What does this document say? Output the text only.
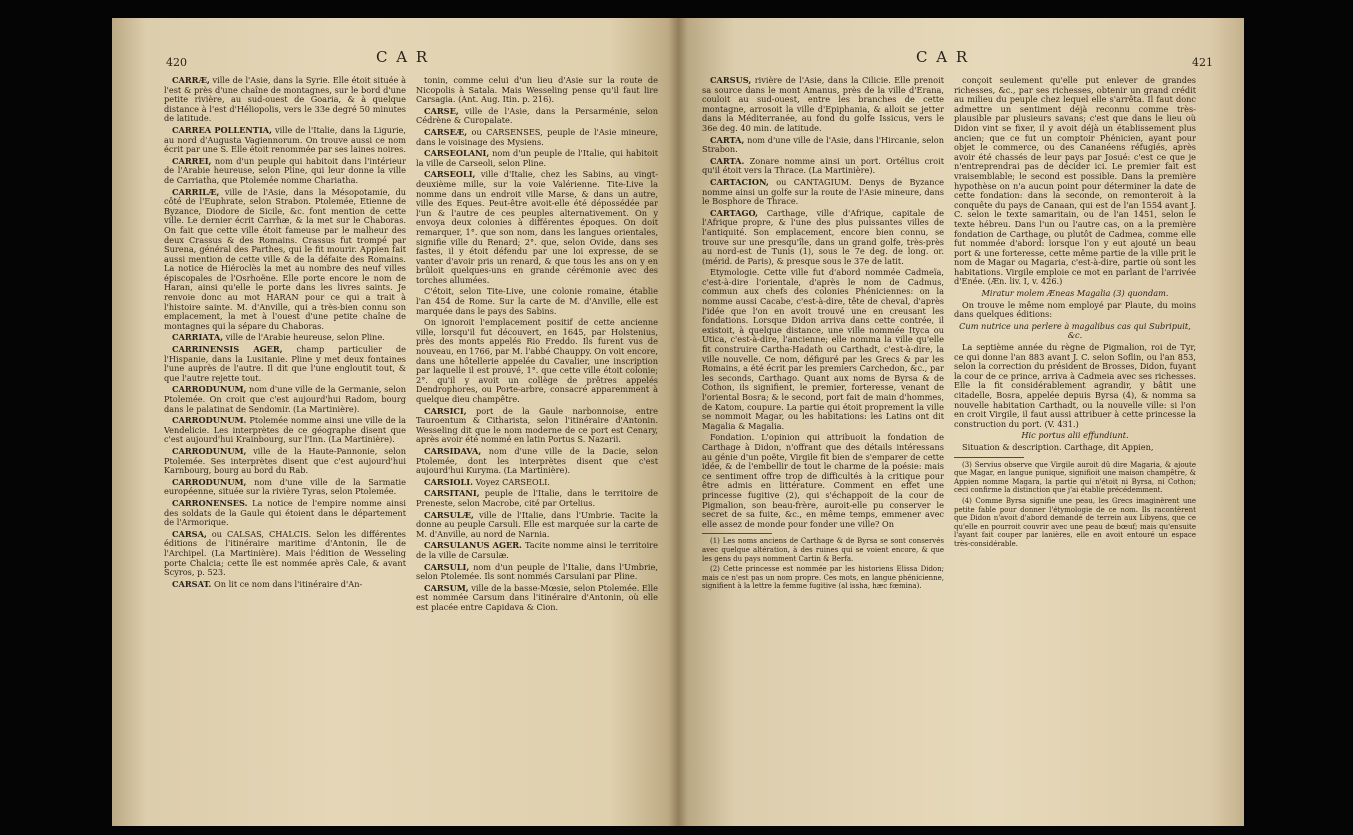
420	C A R

CARRÆ, ville de l'Asie, dans la Syrie. Elle étoit située à l'est & près d'une chaîne de montagnes, sur le bord d'une petite rivière, au sud-ouest de Goaria, & à quelque distance à l'est d'Héliopolis, vers le 33e degré 50 minutes de latitude.

CARREA POLLENTIA, ville de l'Italie, dans la Ligurie, au nord d'Augusta Vagiennorum. On trouve aussi ce nom écrit par une S. Elle étoit renommée par ses laines noires.

CARREI, nom d'un peuple qui habitoit dans l'intérieur de l'Arabie heureuse, selon Pline, qui leur donne la ville de Carriatha, que Ptolemée nomme Chariatha.

CARRILÆ, ville de l'Asie, dans la Mésopotamie, du côté de l'Euphrate, selon Strabon. Ptolemée, Etienne de Byzance, Diodore de Sicile, &c. font mention de cette ville. Le dernier écrit Carrhæ, & la met sur le Chaboras. On fait que cette ville étoit fameuse par le malheur des deux Crassus & des Romains. Crassus fut trompé par Surena, général des Parthes, qui le fit mourir. Appien fait aussi mention de cette ville & de la défaite des Romains. La notice de Hiéroclès la met au nombre des neuf villes épiscopales de l'Osrhoëne. Elle porte encore le nom de Haran, ainsi qu'elle le porte dans les livres saints. Je renvoie donc au mot HARAN pour ce qui a trait à l'histoire sainte. M. d'Anville, qui a très-bien connu son emplacement, la met à l'ouest d'une petite chaîne de montagnes qui la sépare du Chaboras.

CARRIATA, ville de l'Arabie heureuse, selon Pline.

CARRINENSIS AGER, champ particulier de l'Hispanie, dans la Lusitanie. Pline y met deux fontaines l'une auprès de l'autre. Il dit que l'une engloutit tout, & que l'autre rejette tout.

CARRODUNUM, nom d'une ville de la Germanie, selon Ptolemée. On croit que c'est aujourd'hui Radom, bourg dans le palatinat de Sendomir. (La Martinière).

CARRODUNUM. Ptolemée nomme ainsi une ville de la Vendelicie. Les interprètes de ce géographe disent que c'est aujourd'hui Krainbourg, sur l'Inn. (La Martinière).

CARRODUNUM, ville de la Haute-Pannonie, selon Ptolemée. Ses interprètes disent que c'est aujourd'hui Karnbourg, bourg au bord du Rab.

CARRODUNUM, nom d'une ville de la Sarmatie européenne, située sur la rivière Tyras, selon Ptolemée.

CARRONENSES. La notice de l'empire nomme ainsi des soldats de la Gaule qui étoient dans le département de l'Armorique.

CARSA, ou CALSAS, CHALCIS. Selon les différentes éditions de l'itinéraire maritime d'Antonin, île de l'Archipel. (La Martinière). Mais l'édition de Wesseling porte Chalcia; cette île est nommée après Cale, & avant Scyros, p. 523.

CARSAT. On lit ce nom dans l'itinéraire d'An-

tonin, comme celui d'un lieu d'Asie sur la route de Nicopolis à Satala. Mais Wesseling pense qu'il faut lire Carsagia. (Ant. Aug. Itin. p. 216).

CARSE, ville de l'Asie, dans la Persarménie, selon Cédrène & Curopalate.

CARSEÆ, ou CARSENSES, peuple de l'Asie mineure, dans le voisinage des Mysiens.

CARSEOLANI, nom d'un peuple de l'Italie, qui habitoit la ville de Carseoli, selon Pline.

CARSEOLI, ville d'Italie, chez les Sabins, au vingt-deuxième mille, sur la voie Valérienne. Tite-Live la nomme dans un endroit ville Marse, & dans un autre, ville des Eques. Peut-être avoit-elle été dépossédée par l'un & l'autre de ces peuples alternativement. On y envoya deux colonies à différentes époques. On doit remarquer, 1°. que son nom, dans les langues orientales, signifie ville du Renard; 2°. que, selon Ovide, dans ses fastes, il y étoit défendu par une loi expresse, de se vanter d'avoir pris un renard, & que tous les ans on y en brûloit quelques-uns en grande cérémonie avec des torches allumées.

C'étoit, selon Tite-Live, une colonie romaine, établie l'an 454 de Rome. Sur la carte de M. d'Anville, elle est marquée dans le pays des Sabins.

On ignoroit l'emplacement positif de cette ancienne ville, lorsqu'il fut découvert, en 1645, par Holstenius, près des monts appelés Rio Freddo. Ils furent vus de nouveau, en 1766, par M. l'abbé Chauppy. On voit encore, dans une hôtellerie appelée du Cavalier, une inscription par laquelle il est prouvé, 1°. que cette ville étoit colonie; 2°. qu'il y avoit un collège de prêtres appelés Dendrophores, ou Porte-arbre, consacré apparemment à quelque dieu champêtre.

CARSICI, port de la Gaule narbonnoise, entre Tauroentum & Citharista, selon l'itinéraire d'Antonin. Wesseling dit que le nom moderne de ce port est Cenary, après avoir été nommé en latin Portus S. Nazarii.

CARSIDAVA, nom d'une ville de la Dacie, selon Ptolemée, dont les interprètes disent que c'est aujourd'hui Kuryma. (La Martinière).

CARSIOLI. Voyez CARSEOLI.

CARSITANI, peuple de l'Italie, dans le territoire de Preneste, selon Macrobe, cité par Ortelius.

CARSULÆ, ville de l'Italie, dans l'Umbrie. Tacite la donne au peuple Carsuli. Elle est marquée sur la carte de M. d'Anville, au nord de Narnia.

CARSULANUS AGER. Tacite nomme ainsi le territoire de la ville de Carsulæ.

CARSULI, nom d'un peuple de l'Italie, dans l'Umbrie, selon Ptolemée. Ils sont nommés Carsulani par Pline.

CARSUM, ville de la basse-Mœsie, selon Ptolemée. Elle est nommée Carsum dans l'itinéraire d'Antonin, où elle est placée entre Capidava & Cion.

C A R	421

CARSUS, rivière de l'Asie, dans la Cilicie. Elle prenoit sa source dans le mont Amanus, près de la ville d'Erana, couloit au sud-ouest, entre les branches de cette montagne, arrosoit la ville d'Epiphania, & alloit se jetter dans la Méditerranée, au fond du golfe Issicus, vers le 36e deg. 40 min. de latitude.

CARTA, nom d'une ville de l'Asie, dans l'Hircanie, selon Strabon.

CARTA. Zonare nomme ainsi un port. Ortélius croit qu'il étoit vers la Thrace. (La Martinière).

CARTACION, ou CANTAGIUM. Denys de Byzance nomme ainsi un golfe sur la route de l'Asie mineure, dans le Bosphore de Thrace.

CARTAGO, Carthage, ville d'Afrique, capitale de l'Afrique propre, & l'une des plus puissantes villes de l'antiquité. Son emplacement, encore bien connu, se trouve sur une presqu'île, dans un grand golfe, très-près au nord-est de Tunis (1), sous le 7e deg. de long. or. (mérid. de Paris), & presque sous le 37e de latit.

Etymologie. Cette ville fut d'abord nommée Cadmeïa, c'est-à-dire l'orientale, d'après le nom de Cadmus, commun aux chefs des colonies Phéniciennes: on la nomme aussi Cacabe, c'est-à-dire, tête de cheval, d'après l'idée que l'on en avoit trouvé une en creusant les fondations. Lorsque Didon arriva dans cette contrée, il existoit, à quelque distance, une ville nommée Ityca ou Utica, c'est-à-dire, l'ancienne; elle nomma la ville qu'elle fit construire Cartha-Hadath ou Carthadt, c'est-à-dire, la ville nouvelle. Ce nom, défiguré par les Grecs & par les Romains, a été écrit par les premiers Carchedon, &c., par les seconds, Carthago. Quant aux noms de Byrsa & de Cothon, ils signifient, le premier, forteresse, venant de l'oriental Bosra; & le second, port fait de main d'hommes, de Katom, coupure. La partie qui étoit proprement la ville se nommoit Magar, ou les habitations: les Latins ont dit Magalia & Magalia.

Fondation. L'opinion qui attribuoit la fondation de Carthage à Didon, n'offrant que des détails intéressans au génie d'un poëte, Virgile fit bien de s'emparer de cette idée, & de l'embellir de tout le charme de la poésie: mais ce sentiment offre trop de difficultés à la critique pour être admis en littérature. Comment en effet une princesse fugitive (2), qui s'échappoit de la cour de Pigmalion, son beau-frère, auroit-elle pu conserver le secret de sa fuite, &c., en même temps, emmener avec elle assez de monde pour fonder une ville? On

(1) Les noms anciens de Carthage & de Byrsa se sont conservés avec quelque altération, à des ruines qui se voient encore, & que les gens du pays nomment Cartin & Berfa.

(2) Cette princesse est nommée par les historiens Elissa Didon; mais ce n'est pas un nom propre. Ces mots, en langue phénicienne, signifient à la lettre la femme fugitive (al issha, hæc fœmina).

conçoit seulement qu'elle put enlever de grandes richesses, &c., par ses richesses, obtenir un grand crédit au milieu du peuple chez lequel elle s'arrêta. Il faut donc admettre un sentiment déjà reconnu comme très-plausible par plusieurs savans; c'est que dans le lieu où Didon vint se fixer, il y avoit déjà un établissement plus ancien; que ce fut un comptoir Phénicien, ayant pour objet le commerce, ou des Cananéens réfugiés, après avoir été chassés de leur pays par Josué: c'est ce que je n'entreprendrai pas de décider ici. Le premier fait est vraisemblable; le second est possible. Dans la première hypothèse on n'a aucun point pour déterminer la date de cette fondation: dans la seconde, on remonteroit à la conquête du pays de Canaan, qui est de l'an 1554 avant J. C. selon le texte samaritain, ou de l'an 1451, selon le texte hébreu. Dans l'un ou l'autre cas, on a la première fondation de Carthage, ou plutôt de Cadmea, comme elle fut nommée d'abord: lorsque l'on y eut ajouté un beau port & une forteresse, cette même partie de la ville prit le nom de Magar ou Magaria, c'est-à-dire, partie où sont les habitations. Virgile emploie ce mot en parlant de l'arrivée d'Enée. (Æn. liv. I, v. 426.)

Miratur molem Æneas Magalia (3) quondam.

On trouve le même nom employé par Plaute, du moins dans quelques éditions:

Cum nutrice una perlere à magalibus cas qui Subripuit, &c.

La septième année du règne de Pigmalion, roi de Tyr, ce qui donne l'an 883 avant J. C. selon Soflin, ou l'an 853, selon la correction du président de Brosses, Didon, fuyant la cour de ce prince, arriva à Cadmeia avec ses richesses. Elle la fit considérablement agrandir, y bâtit une citadelle, Bosra, appelée depuis Byrsa (4), & nomma sa nouvelle habitation Carthadt, ou la nouvelle ville: si l'on en croit Virgile, il faut aussi attribuer à cette princesse la construction du port. (V. 431.)

Hic portus alii effundiunt.

Situation & description. Carthage, dit Appien,

(3) Servius observe que Virgile auroit dû dire Magaria, & ajoute que Magar, en langue punique, signifioit une maison champêtre, & Appien nomme Magara, la partie qui n'étoit ni Byrsa, ni Cothon; ceci confirme la distinction que j'ai établie précédemment.

(4) Comme Byrsa signifie une peau, les Grecs imaginèrent une petite fable pour donner l'étymologie de ce nom. Ils racontèrent que Didon n'avoit d'abord demandé de terrein aux Libyens, que ce qu'elle en pourroit couvrir avec une peau de bœuf; mais qu'ensuite l'ayant fait couper par lanières, elle en avoit entouré un espace très-considérable.
